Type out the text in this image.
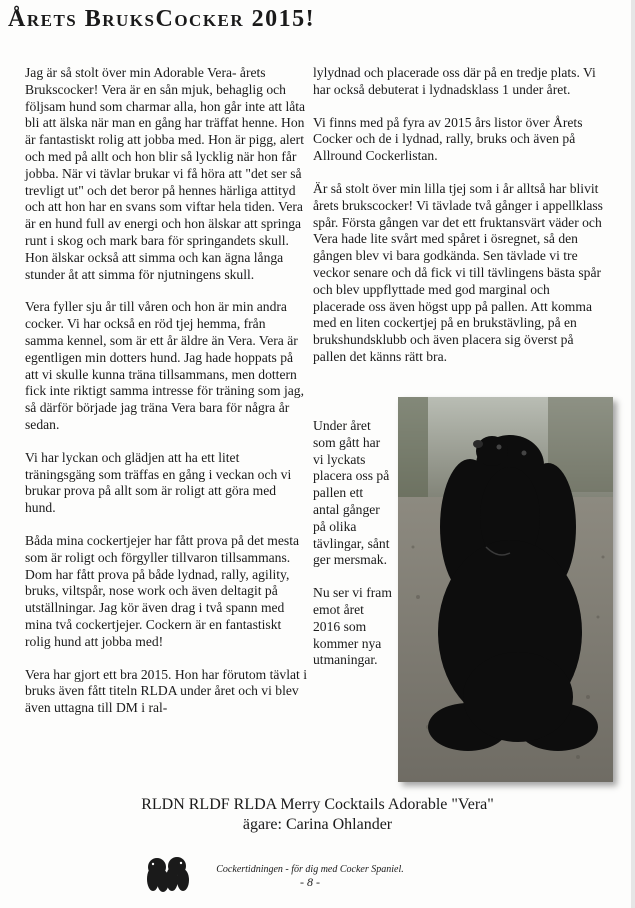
Årets BruksCocker 2015!

Jag är så stolt över min Adorable Vera- årets Brukscocker! Vera är en sån mjuk, behaglig och följsam hund som charmar alla, hon går inte att låta bli att älska när man en gång har träffat henne. Hon är fantastiskt rolig att jobba med. Hon är pigg, alert och med på allt och hon blir så lycklig när hon får jobba. När vi tävlar brukar vi få höra att "det ser så trevligt ut" och det beror på hennes härliga attityd och att hon har en svans som viftar hela tiden. Vera är en hund full av energi och hon älskar att springa runt i skog och mark bara för springandets skull. Hon älskar också att simma och kan ägna långa stunder åt att simma för njutningens skull.

Vera fyller sju år till våren och hon är min andra cocker. Vi har också en röd tjej hemma, från samma kennel, som är ett år äldre än Vera. Vera är egentligen min dotters hund. Jag hade hoppats på att vi skulle kunna träna tillsammans, men dottern fick inte riktigt samma intresse för träning som jag, så därför började jag träna Vera bara för några år sedan.

Vi har lyckan och glädjen att ha ett litet träningsgäng som träffas en gång i veckan och vi brukar prova på allt som är roligt att göra med hund.

Båda mina cockertjejer har fått prova på det mesta som är roligt och förgyller tillvaron tillsammans. Dom har fått prova på både lydnad, rally, agility, bruks, viltspår, nose work och även deltagit på utställningar. Jag kör även drag i två spann med mina två cockertjejer. Cockern är en fantastiskt rolig hund att jobba med!

Vera har gjort ett bra 2015. Hon har förutom tävlat i bruks även fått titeln RLDA under året och vi blev även uttagna till DM i ral-

lylydnad och placerade oss där på en tredje plats. Vi har också debuterat i lydnadsklass 1 under året.

Vi finns med på fyra av 2015 års listor över Årets Cocker och de i lydnad, rally, bruks och även på Allround Cockerlistan.

Är så stolt över min lilla tjej som i år alltså har blivit årets brukscocker! Vi tävlade två gånger i appellklass spår. Första gången var det ett fruktansvärt väder och Vera hade lite svårt med spåret i ösregnet, så den gången blev vi bara godkända. Sen tävlade vi tre veckor senare och då fick vi till tävlingens bästa spår och blev uppflyttade med god marginal och placerade oss även högst upp på pallen. Att komma med en liten cockertjej på en brukstävling, på en brukshundsklubb och även placera sig överst på pallen det känns rätt bra.

Under året som gått har vi lyckats placera oss på pallen ett antal gånger på olika tävlingar, sånt ger mersmak.

Nu ser vi fram emot året 2016 som kommer nya utmaningar.

RLDN RLDF RLDA Merry Cocktails Adorable "Vera"
ägare: Carina Ohlander
Cockertidningen - för dig med Cocker Spaniel.
- 8 -
